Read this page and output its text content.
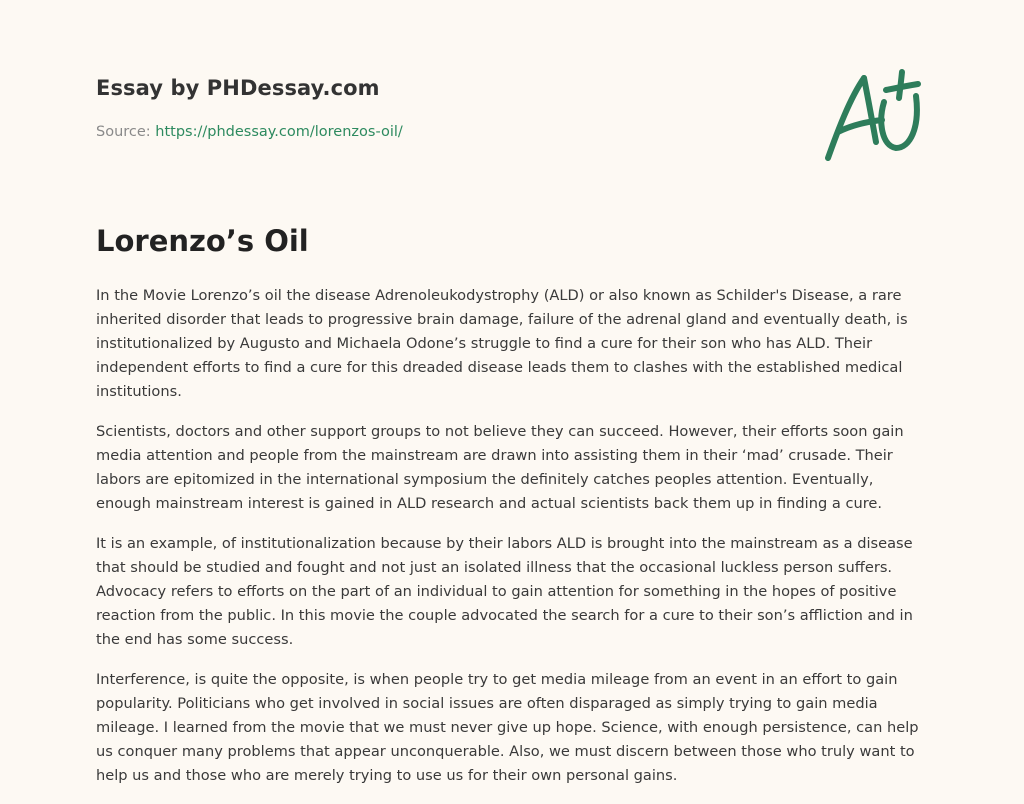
Essay by PHDessay.com
Source: https://phdessay.com/lorenzos-oil/
Lorenzo’s Oil

In the Movie Lorenzo’s oil the disease Adrenoleukodystrophy (ALD) or also known as Schilder's Disease, a rare inherited disorder that leads to progressive brain damage, failure of the adrenal gland and eventually death, is institutionalized by Augusto and Michaela Odone’s struggle to find a cure for their son who has ALD. Their independent efforts to find a cure for this dreaded disease leads them to clashes with the established medical institutions.

Scientists, doctors and other support groups to not believe they can succeed. However, their efforts soon gain media attention and people from the mainstream are drawn into assisting them in their ‘mad’ crusade. Their labors are epitomized in the international symposium the definitely catches peoples attention. Eventually, enough mainstream interest is gained in ALD research and actual scientists back them up in finding a cure.

It is an example, of institutionalization because by their labors ALD is brought into the mainstream as a disease that should be studied and fought and not just an isolated illness that the occasional luckless person suffers. Advocacy refers to efforts on the part of an individual to gain attention for something in the hopes of positive reaction from the public. In this movie the couple advocated the search for a cure to their son’s affliction and in the end has some success.

Interference, is quite the opposite, is when people try to get media mileage from an event in an effort to gain popularity. Politicians who get involved in social issues are often disparaged as simply trying to gain media mileage. I learned from the movie that we must never give up hope. Science, with enough persistence, can help us conquer many problems that appear unconquerable. Also, we must discern between those who truly want to help us and those who are merely trying to use us for their own personal gains.
